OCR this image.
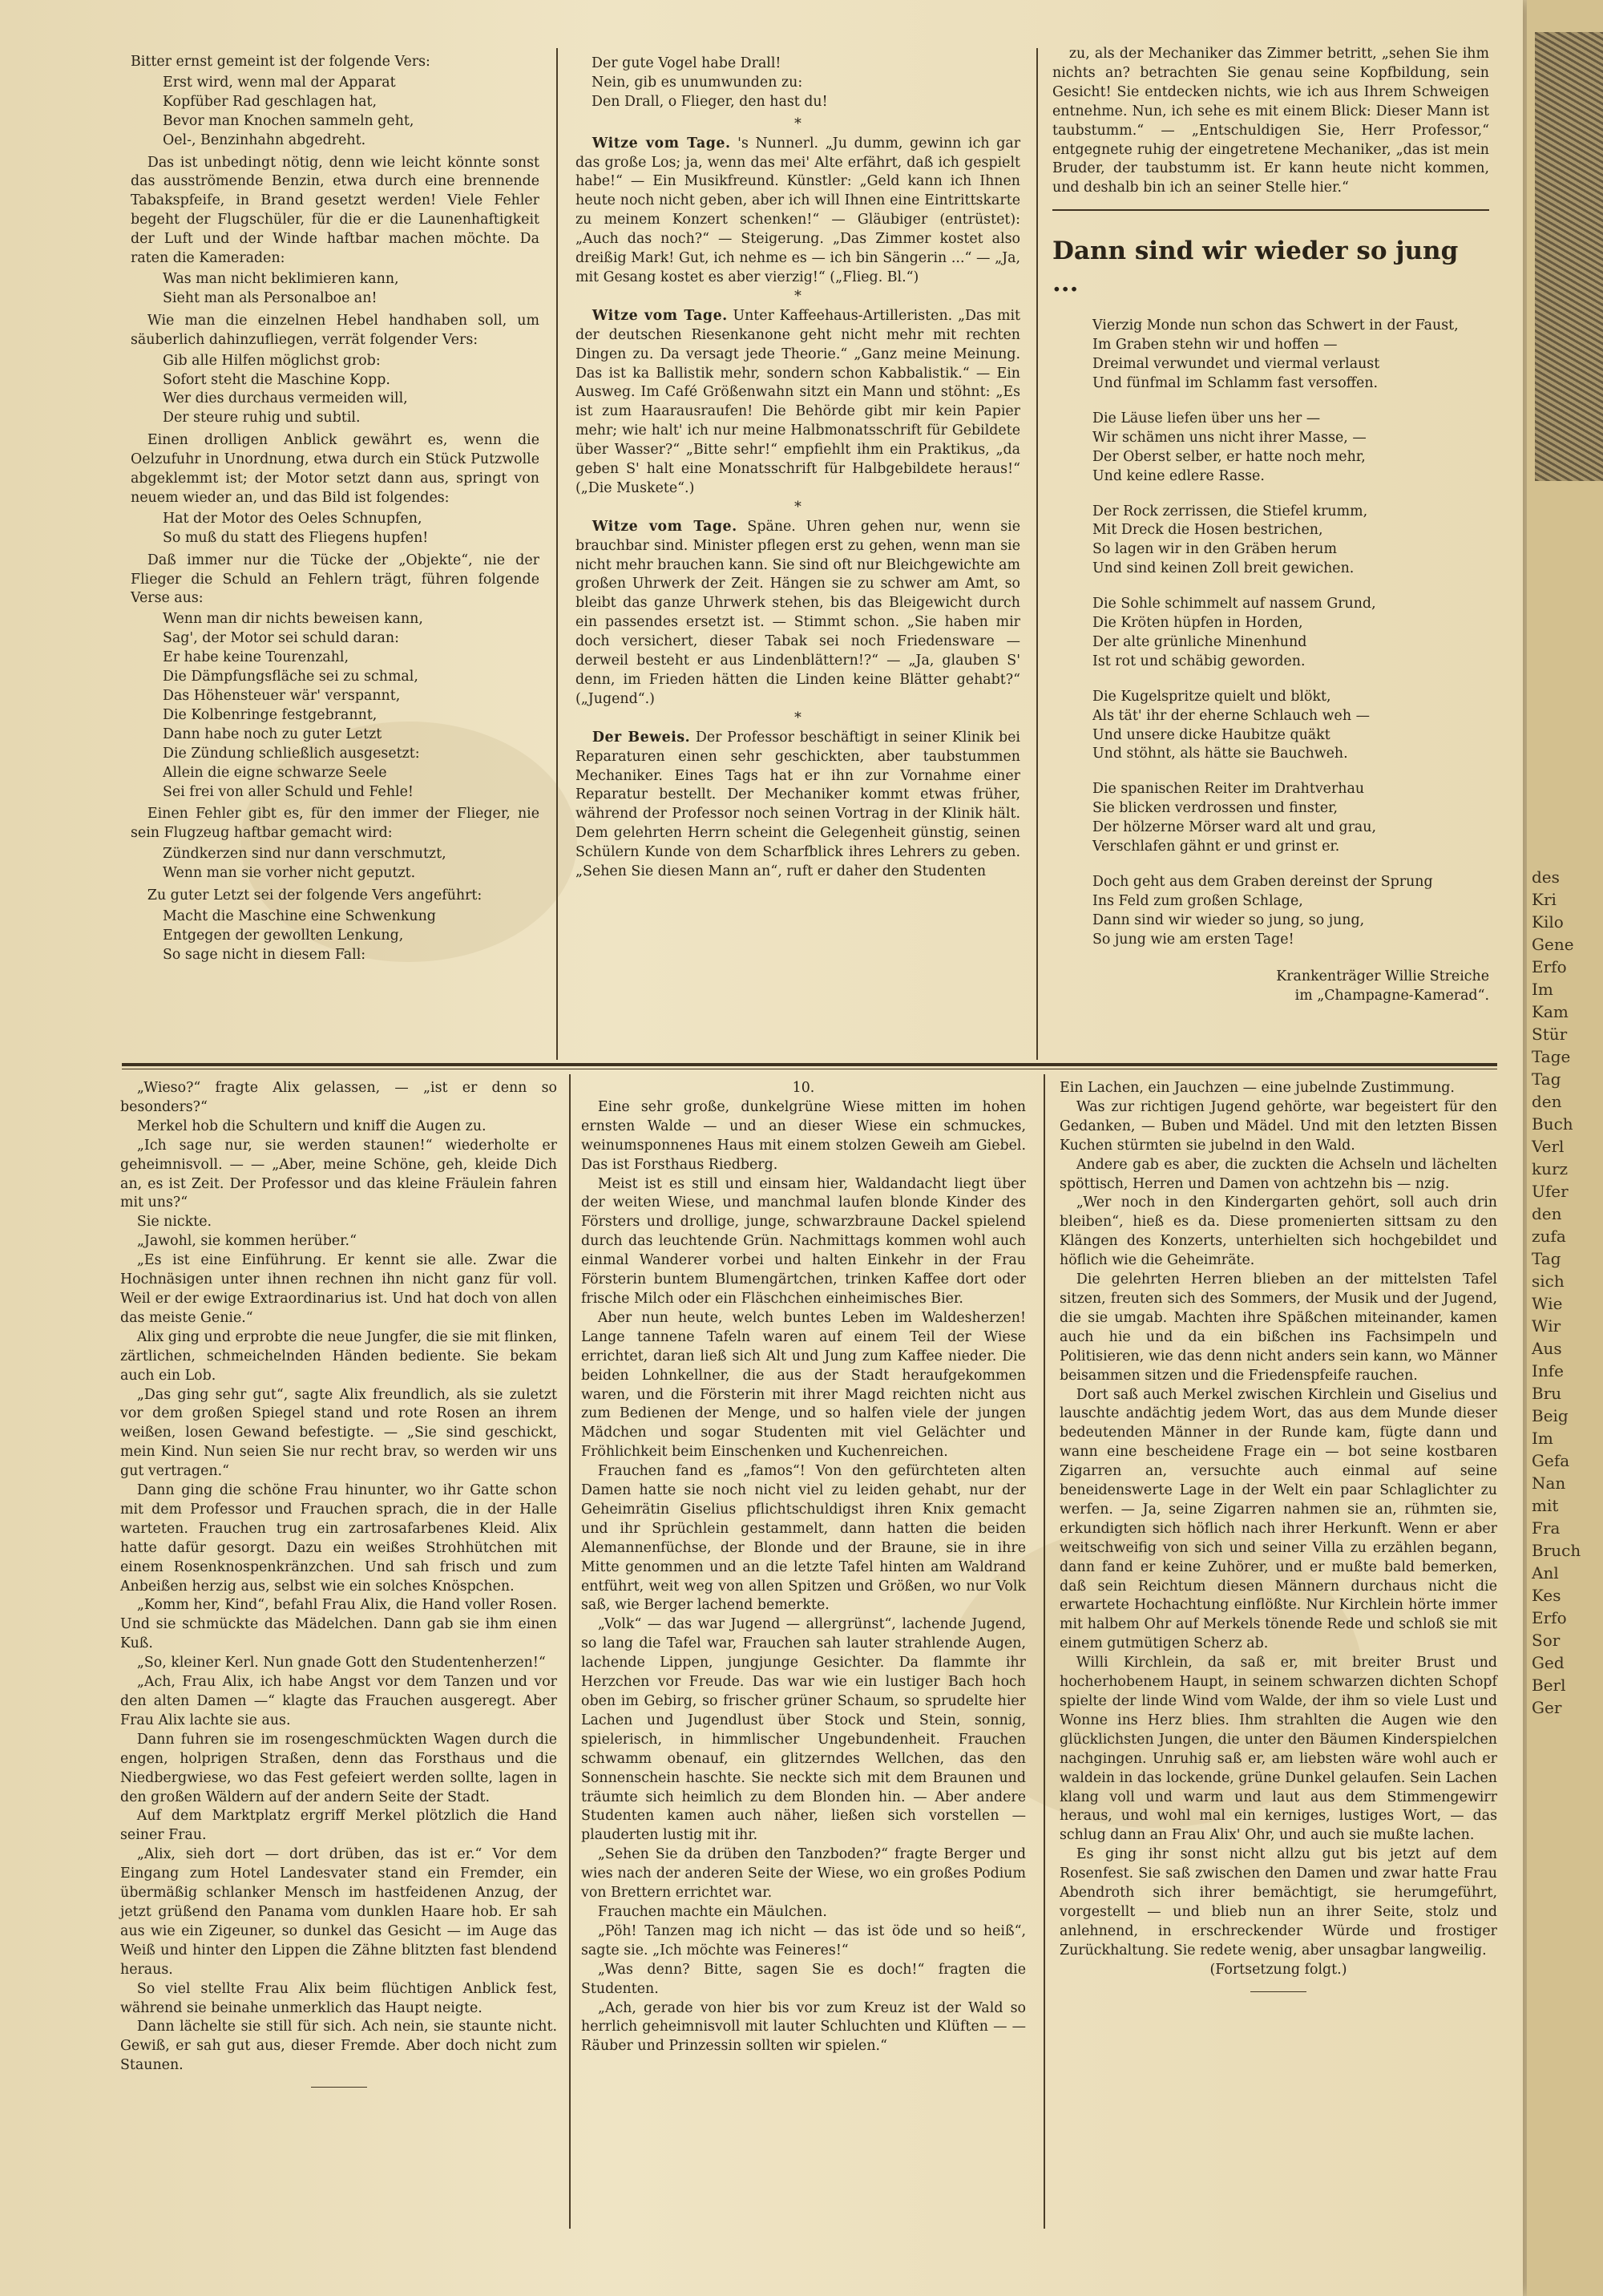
Bitter ernst gemeint ist der folgende Vers:

Erst wird, wenn mal der Apparat
Kopfüber Rad geschlagen hat,
Bevor man Knochen sammeln geht,
Oel-, Benzinhahn abgedreht.

Das ist unbedingt nötig, denn wie leicht könnte sonst das ausströmende Benzin, etwa durch eine brennende Tabakspfeife, in Brand gesetzt werden! Viele Fehler begeht der Flugschüler, für die er die Launenhaftigkeit der Luft und der Winde haftbar machen möchte. Da raten die Kameraden:

Was man nicht beklimieren kann,
Sieht man als Personalboe an!

Wie man die einzelnen Hebel handhaben soll, um säuberlich dahinzufliegen, verrät folgender Vers:

Gib alle Hilfen möglichst grob:
Sofort steht die Maschine Kopp.
Wer dies durchaus vermeiden will,
Der steure ruhig und subtil.

Einen drolligen Anblick gewährt es, wenn die Oelzufuhr in Unordnung, etwa durch ein Stück Putzwolle abgeklemmt ist; der Motor setzt dann aus, springt von neuem wieder an, und das Bild ist folgendes:

Hat der Motor des Oeles Schnupfen,
So muß du statt des Fliegens hupfen!

Daß immer nur die Tücke der „Objekte“, nie der Flieger die Schuld an Fehlern trägt, führen folgende Verse aus:

Wenn man dir nichts beweisen kann,
Sag', der Motor sei schuld daran:
Er habe keine Tourenzahl,
Die Dämpfungsfläche sei zu schmal,
Das Höhensteuer wär' verspannt,
Die Kolbenringe festgebrannt,
Dann habe noch zu guter Letzt
Die Zündung schließlich ausgesetzt:
Allein die eigne schwarze Seele
Sei frei von aller Schuld und Fehle!

Einen Fehler gibt es, für den immer der Flieger, nie sein Flugzeug haftbar gemacht wird:

Zündkerzen sind nur dann verschmutzt,
Wenn man sie vorher nicht geputzt.

Zu guter Letzt sei der folgende Vers angeführt:

Macht die Maschine eine Schwenkung
Entgegen der gewollten Lenkung,
So sage nicht in diesem Fall:
Der gute Vogel habe Drall!
Nein, gib es unumwunden zu:
Den Drall, o Flieger, den hast du!

*

Witze vom Tage. 's Nunnerl. „Ju dumm, gewinn ich gar das große Los; ja, wenn das mei' Alte erfährt, daß ich gespielt habe!“ — Ein Musikfreund. Künstler: „Geld kann ich Ihnen heute noch nicht geben, aber ich will Ihnen eine Eintrittskarte zu meinem Konzert schenken!“ — Gläubiger (entrüstet): „Auch das noch?“ — Steigerung. „Das Zimmer kostet also dreißig Mark! Gut, ich nehme es — ich bin Sängerin ...“ — „Ja, mit Gesang kostet es aber vierzig!“ („Flieg. Bl.“)

*

Witze vom Tage. Unter Kaffeehaus-Artilleristen. „Das mit der deutschen Riesenkanone geht nicht mehr mit rechten Dingen zu. Da versagt jede Theorie.“ „Ganz meine Meinung. Das ist ka Ballistik mehr, sondern schon Kabbalistik.“ — Ein Ausweg. Im Café Größenwahn sitzt ein Mann und stöhnt: „Es ist zum Haarausraufen! Die Behörde gibt mir kein Papier mehr; wie halt' ich nur meine Halbmonatsschrift für Gebildete über Wasser?“ „Bitte sehr!“ empfiehlt ihm ein Praktikus, „da geben S' halt eine Monatsschrift für Halbgebildete heraus!“ („Die Muskete“.)

*

Witze vom Tage. Späne. Uhren gehen nur, wenn sie brauchbar sind. Minister pflegen erst zu gehen, wenn man sie nicht mehr brauchen kann. Sie sind oft nur Bleichgewichte am großen Uhrwerk der Zeit. Hängen sie zu schwer am Amt, so bleibt das ganze Uhrwerk stehen, bis das Bleigewicht durch ein passendes ersetzt ist. — Stimmt schon. „Sie haben mir doch versichert, dieser Tabak sei noch Friedensware — derweil besteht er aus Lindenblättern!?“ — „Ja, glauben S' denn, im Frieden hätten die Linden keine Blätter gehabt?“ („Jugend“.)

*

Der Beweis. Der Professor beschäftigt in seiner Klinik bei Reparaturen einen sehr geschickten, aber taubstummen Mechaniker. Eines Tags hat er ihn zur Vornahme einer Reparatur bestellt. Der Mechaniker kommt etwas früher, während der Professor noch seinen Vortrag in der Klinik hält. Dem gelehrten Herrn scheint die Gelegenheit günstig, seinen Schülern Kunde von dem Scharfblick ihres Lehrers zu geben. „Sehen Sie diesen Mann an“, ruft er daher den Studenten

zu, als der Mechaniker das Zimmer betritt, „sehen Sie ihm nichts an? betrachten Sie genau seine Kopfbildung, sein Gesicht! Sie entdecken nichts, wie ich aus Ihrem Schweigen entnehme. Nun, ich sehe es mit einem Blick: Dieser Mann ist taubstumm.“ — „Entschuldigen Sie, Herr Professor,“ entgegnete ruhig der eingetretene Mechaniker, „das ist mein Bruder, der taubstumm ist. Er kann heute nicht kommen, und deshalb bin ich an seiner Stelle hier.“

Dann sind wir wieder so jung ...
Vierzig Monde nun schon das Schwert in der Faust,
Im Graben stehn wir und hoffen —
Dreimal verwundet und viermal verlaust
Und fünfmal im Schlamm fast versoffen.
Die Läuse liefen über uns her —
Wir schämen uns nicht ihrer Masse, —
Der Oberst selber, er hatte noch mehr,
Und keine edlere Rasse.
Der Rock zerrissen, die Stiefel krumm,
Mit Dreck die Hosen bestrichen,
So lagen wir in den Gräben herum
Und sind keinen Zoll breit gewichen.
Die Sohle schimmelt auf nassem Grund,
Die Kröten hüpfen in Horden,
Der alte grünliche Minenhund
Ist rot und schäbig geworden.
Die Kugelspritze quielt und blökt,
Als tät' ihr der eherne Schlauch weh —
Und unsere dicke Haubitze quäkt
Und stöhnt, als hätte sie Bauchweh.
Die spanischen Reiter im Drahtverhau
Sie blicken verdrossen und finster,
Der hölzerne Mörser ward alt und grau,
Verschlafen gähnt er und grinst er.
Doch geht aus dem Graben dereinst der Sprung
Ins Feld zum großen Schlage,
Dann sind wir wieder so jung, so jung,
So jung wie am ersten Tage!

Krankenträger Willie Streiche

im „Champagne-Kamerad“.

„Wieso?“ fragte Alix gelassen, — „ist er denn so besonders?“

Merkel hob die Schultern und kniff die Augen zu.

„Ich sage nur, sie werden staunen!“ wiederholte er geheimnisvoll. — — „Aber, meine Schöne, geh, kleide Dich an, es ist Zeit. Der Professor und das kleine Fräulein fahren mit uns?“

Sie nickte.

„Jawohl, sie kommen herüber.“

„Es ist eine Einführung. Er kennt sie alle. Zwar die Hochnäsigen unter ihnen rechnen ihn nicht ganz für voll. Weil er der ewige Extraordinarius ist. Und hat doch von allen das meiste Genie.“

Alix ging und erprobte die neue Jungfer, die sie mit flinken, zärtlichen, schmeichelnden Händen bediente. Sie bekam auch ein Lob.

„Das ging sehr gut“, sagte Alix freundlich, als sie zuletzt vor dem großen Spiegel stand und rote Rosen an ihrem weißen, losen Gewand befestigte. — „Sie sind geschickt, mein Kind. Nun seien Sie nur recht brav, so werden wir uns gut vertragen.“

Dann ging die schöne Frau hinunter, wo ihr Gatte schon mit dem Professor und Frauchen sprach, die in der Halle warteten. Frauchen trug ein zartrosafarbenes Kleid. Alix hatte dafür gesorgt. Dazu ein weißes Strohhütchen mit einem Rosenknospenkränzchen. Und sah frisch und zum Anbeißen herzig aus, selbst wie ein solches Knöspchen.

„Komm her, Kind“, befahl Frau Alix, die Hand voller Rosen. Und sie schmückte das Mädelchen. Dann gab sie ihm einen Kuß.

„So, kleiner Kerl. Nun gnade Gott den Studentenherzen!“

„Ach, Frau Alix, ich habe Angst vor dem Tanzen und vor den alten Damen —“ klagte das Frauchen ausgeregt. Aber Frau Alix lachte sie aus.

Dann fuhren sie im rosengeschmückten Wagen durch die engen, holprigen Straßen, denn das Forsthaus und die Niedbergwiese, wo das Fest gefeiert werden sollte, lagen in den großen Wäldern auf der andern Seite der Stadt.

Auf dem Marktplatz ergriff Merkel plötzlich die Hand seiner Frau.

„Alix, sieh dort — dort drüben, das ist er.“ Vor dem Eingang zum Hotel Landesvater stand ein Fremder, ein übermäßig schlanker Mensch im hastfeidenen Anzug, der jetzt grüßend den Panama vom dunklen Haare hob. Er sah aus wie ein Zigeuner, so dunkel das Gesicht — im Auge das Weiß und hinter den Lippen die Zähne blitzten fast blendend heraus.

So viel stellte Frau Alix beim flüchtigen Anblick fest, während sie beinahe unmerklich das Haupt neigte.

Dann lächelte sie still für sich. Ach nein, sie staunte nicht. Gewiß, er sah gut aus, dieser Fremde. Aber doch nicht zum Staunen.

10.

Eine sehr große, dunkelgrüne Wiese mitten im hohen ernsten Walde — und an dieser Wiese ein schmuckes, weinumsponnenes Haus mit einem stolzen Geweih am Giebel. Das ist Forsthaus Riedberg.

Meist ist es still und einsam hier, Waldandacht liegt über der weiten Wiese, und manchmal laufen blonde Kinder des Försters und drollige, junge, schwarzbraune Dackel spielend durch das leuchtende Grün. Nachmittags kommen wohl auch einmal Wanderer vorbei und halten Einkehr in der Frau Försterin buntem Blumengärtchen, trinken Kaffee dort oder frische Milch oder ein Fläschchen einheimisches Bier.

Aber nun heute, welch buntes Leben im Waldesherzen! Lange tannene Tafeln waren auf einem Teil der Wiese errichtet, daran ließ sich Alt und Jung zum Kaffee nieder. Die beiden Lohnkellner, die aus der Stadt heraufgekommen waren, und die Försterin mit ihrer Magd reichten nicht aus zum Bedienen der Menge, und so halfen viele der jungen Mädchen und sogar Studenten mit viel Gelächter und Fröhlichkeit beim Einschenken und Kuchenreichen.

Frauchen fand es „famos“! Von den gefürchteten alten Damen hatte sie noch nicht viel zu leiden gehabt, nur der Geheimrätin Giselius pflichtschuldigst ihren Knix gemacht und ihr Sprüchlein gestammelt, dann hatten die beiden Alemannenfüchse, der Blonde und der Braune, sie in ihre Mitte genommen und an die letzte Tafel hinten am Waldrand entführt, weit weg von allen Spitzen und Größen, wo nur Volk saß, wie Berger lachend bemerkte.

„Volk“ — das war Jugend — allergrünst“, lachende Jugend, so lang die Tafel war, Frauchen sah lauter strahlende Augen, lachende Lippen, jungjunge Gesichter. Da flammte ihr Herzchen vor Freude. Das war wie ein lustiger Bach hoch oben im Gebirg, so frischer grüner Schaum, so sprudelte hier Lachen und Jugendlust über Stock und Stein, sonnig, spielerisch, in himmlischer Ungebundenheit. Frauchen schwamm obenauf, ein glitzerndes Wellchen, das den Sonnenschein haschte. Sie neckte sich mit dem Braunen und träumte sich heimlich zu dem Blonden hin. — Aber andere Studenten kamen auch näher, ließen sich vorstellen — plauderten lustig mit ihr.

„Sehen Sie da drüben den Tanzboden?“ fragte Berger und wies nach der anderen Seite der Wiese, wo ein großes Podium von Brettern errichtet war.

Frauchen machte ein Mäulchen.

„Pöh! Tanzen mag ich nicht — das ist öde und so heiß“, sagte sie. „Ich möchte was Feineres!“

„Was denn? Bitte, sagen Sie es doch!“ fragten die Studenten.

„Ach, gerade von hier bis vor zum Kreuz ist der Wald so herrlich geheimnisvoll mit lauter Schluchten und Klüften — — Räuber und Prinzessin sollten wir spielen.“

Ein Lachen, ein Jauchzen — eine jubelnde Zustimmung.

Was zur richtigen Jugend gehörte, war begeistert für den Gedanken, — Buben und Mädel. Und mit den letzten Bissen Kuchen stürmten sie jubelnd in den Wald.

Andere gab es aber, die zuckten die Achseln und lächelten spöttisch, Herren und Damen von achtzehn bis — nzig.

„Wer noch in den Kindergarten gehört, soll auch drin bleiben“, hieß es da. Diese promenierten sittsam zu den Klängen des Konzerts, unterhielten sich hochgebildet und höflich wie die Geheimräte.

Die gelehrten Herren blieben an der mittelsten Tafel sitzen, freuten sich des Sommers, der Musik und der Jugend, die sie umgab. Machten ihre Späßchen miteinander, kamen auch hie und da ein bißchen ins Fachsimpeln und Politisieren, wie das denn nicht anders sein kann, wo Männer beisammen sitzen und die Friedenspfeife rauchen.

Dort saß auch Merkel zwischen Kirchlein und Giselius und lauschte andächtig jedem Wort, das aus dem Munde dieser bedeutenden Männer in der Runde kam, fügte dann und wann eine bescheidene Frage ein — bot seine kostbaren Zigarren an, versuchte auch einmal auf seine beneidenswerte Lage in der Welt ein paar Schlaglichter zu werfen. — Ja, seine Zigarren nahmen sie an, rühmten sie, erkundigten sich höflich nach ihrer Herkunft. Wenn er aber weitschweifig von sich und seiner Villa zu erzählen begann, dann fand er keine Zuhörer, und er mußte bald bemerken, daß sein Reichtum diesen Männern durchaus nicht die erwartete Hochachtung einflößte. Nur Kirchlein hörte immer mit halbem Ohr auf Merkels tönende Rede und schloß sie mit einem gutmütigen Scherz ab.

Willi Kirchlein, da saß er, mit breiter Brust und hocherhobenem Haupt, in seinem schwarzen dichten Schopf spielte der linde Wind vom Walde, der ihm so viele Lust und Wonne ins Herz blies. Ihm strahlten die Augen wie den glücklichsten Jungen, die unter den Bäumen Kinderspielchen nachgingen. Unruhig saß er, am liebsten wäre wohl auch er waldein in das lockende, grüne Dunkel gelaufen. Sein Lachen klang voll und warm und laut aus dem Stimmengewirr heraus, und wohl mal ein kerniges, lustiges Wort, — das schlug dann an Frau Alix' Ohr, und auch sie mußte lachen.

Es ging ihr sonst nicht allzu gut bis jetzt auf dem Rosenfest. Sie saß zwischen den Damen und zwar hatte Frau Abendroth sich ihrer bemächtigt, sie herumgeführt, vorgestellt — und blieb nun an ihrer Seite, stolz und anlehnend, in erschreckender Würde und frostiger Zurückhaltung. Sie redete wenig, aber unsagbar langweilig.

(Fortsetzung folgt.)

des
Kri
Kilo
Gene
Erfo
Im
Kam
Stür
Tage
Tag
den
Buch
Verl
kurz
Ufer
den
zufa
Tag
sich
Wie
Wir
Aus
Infe
Bru
Beig
Im
Gefa
Nan
mit
Fra
Bruch
Anl
Kes
Erfo
Sor
Ged
Berl
Ger
